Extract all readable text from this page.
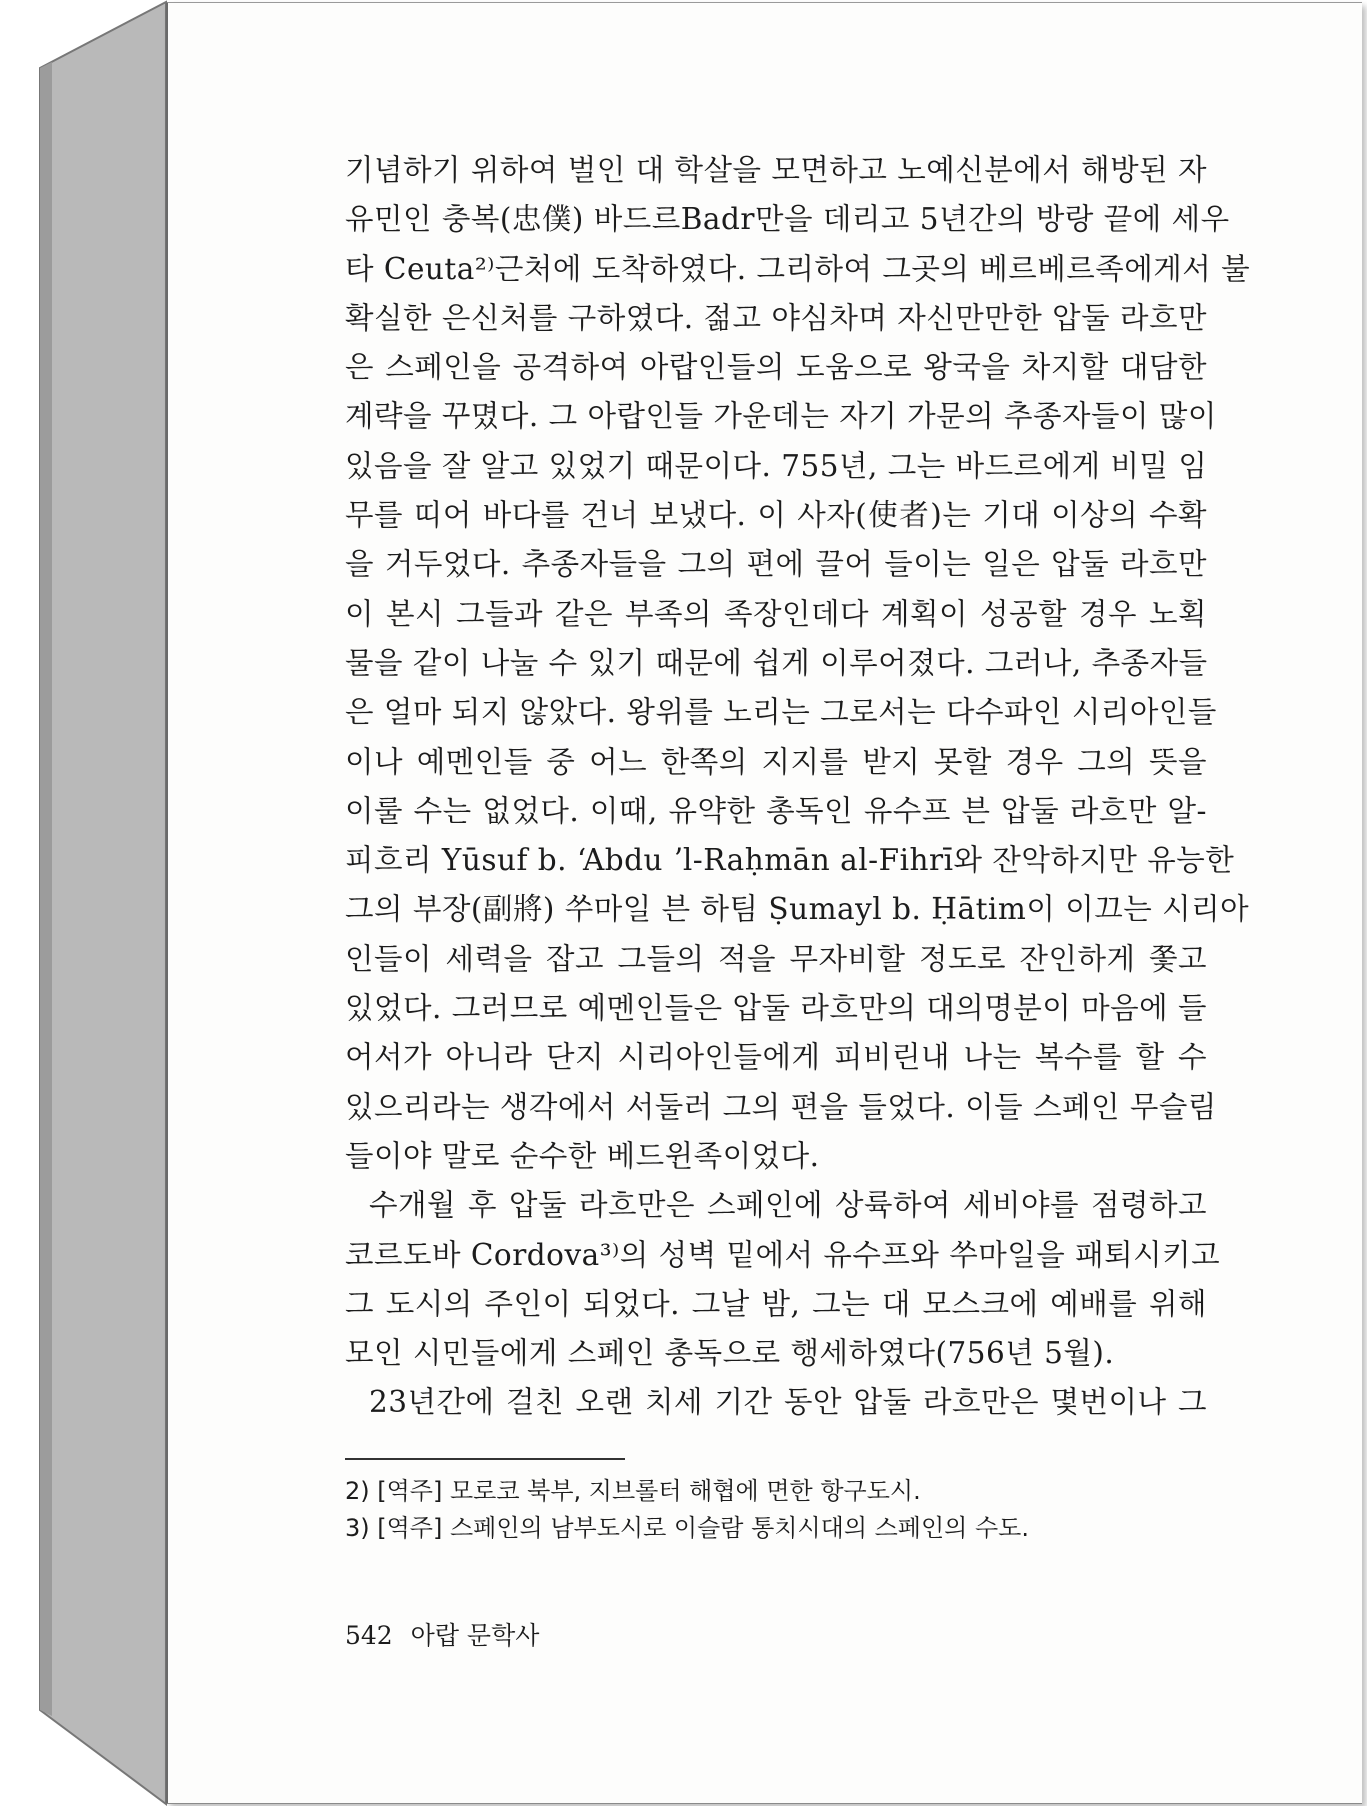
기념하기 위하여 벌인 대 학살을 모면하고 노예신분에서 해방된 자
유민인 충복(忠僕) 바드르Badr만을 데리고 5년간의 방랑 끝에 세우
타 Ceuta²⁾근처에 도착하였다. 그리하여 그곳의 베르베르족에게서 불
확실한 은신처를 구하였다. 젊고 야심차며 자신만만한 압둘 라흐만
은 스페인을 공격하여 아랍인들의 도움으로 왕국을 차지할 대담한
계략을 꾸몄다. 그 아랍인들 가운데는 자기 가문의 추종자들이 많이
있음을 잘 알고 있었기 때문이다. 755년, 그는 바드르에게 비밀 임
무를 띠어 바다를 건너 보냈다. 이 사자(使者)는 기대 이상의 수확
을 거두었다. 추종자들을 그의 편에 끌어 들이는 일은 압둘 라흐만
이 본시 그들과 같은 부족의 족장인데다 계획이 성공할 경우 노획
물을 같이 나눌 수 있기 때문에 쉽게 이루어졌다. 그러나, 추종자들
은 얼마 되지 않았다. 왕위를 노리는 그로서는 다수파인 시리아인들
이나 예멘인들 중 어느 한쪽의 지지를 받지 못할 경우 그의 뜻을
이룰 수는 없었다. 이때, 유약한 총독인 유수프 븐 압둘 라흐만 알-
피흐리 Yūsuf b. ʻAbdu ʼl-Raḥmān al-Fihrī와 잔악하지만 유능한
그의 부장(副將) 쑤마일 븐 하팀 Ṣumayl b. Ḥātim이 이끄는 시리아
인들이 세력을 잡고 그들의 적을 무자비할 정도로 잔인하게 쫓고
있었다. 그러므로 예멘인들은 압둘 라흐만의 대의명분이 마음에 들
어서가 아니라 단지 시리아인들에게 피비린내 나는 복수를 할 수
있으리라는 생각에서 서둘러 그의 편을 들었다. 이들 스페인 무슬림
들이야 말로 순수한 베드윈족이었다.
수개월 후 압둘 라흐만은 스페인에 상륙하여 세비야를 점령하고
코르도바 Cordova³⁾의 성벽 밑에서 유수프와 쑤마일을 패퇴시키고
그 도시의 주인이 되었다. 그날 밤, 그는 대 모스크에 예배를 위해
모인 시민들에게 스페인 총독으로 행세하였다(756년 5월).
23년간에 걸친 오랜 치세 기간 동안 압둘 라흐만은 몇번이나 그
2) [역주] 모로코 북부, 지브롤터 해협에 면한 항구도시.
3) [역주] 스페인의 남부도시로 이슬람 통치시대의 스페인의 수도.
542 아랍 문학사
